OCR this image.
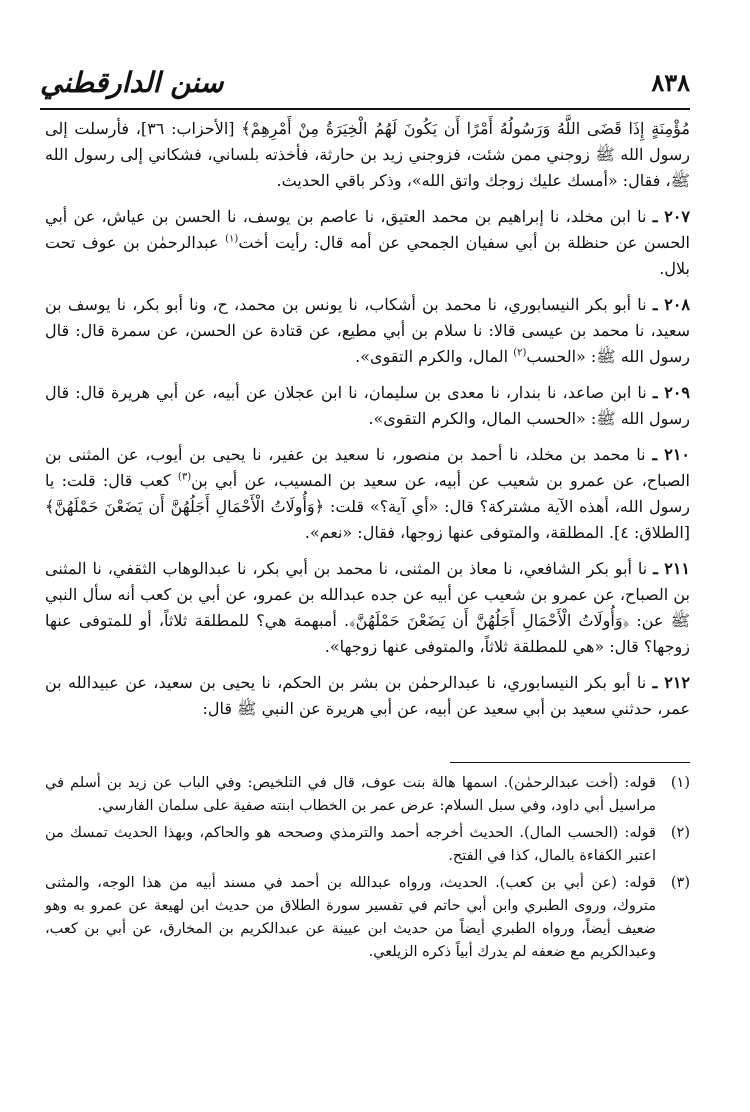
٨٣٨
سنن الدارقطني

مُؤْمِنَةٍ إِذَا قَضَى اللَّهُ وَرَسُولُهُ أَمْرًا أَن يَكُونَ لَهُمُ الْخِيَرَةُ مِنْ أَمْرِهِمْ﴾ [الأحزاب: ٣٦]، فأرسلت إلى رسول الله ﷺ زوجني ممن شئت، فزوجني زيد بن حارثة، فأخذته بلساني، فشكاني إلى رسول الله ﷺ، فقال: «أمسك عليك زوجك واتق الله»، وذكر باقي الحديث.

٢٠٧ ـ نا ابن مخلد، نا إبراهيم بن محمد العتيق، نا عاصم بن يوسف، نا الحسن بن عياش، عن أبي الحسن عن حنظلة بن أبي سفيان الجمحي عن أمه قال: رأيت أخت$^{(١)}$ عبدالرحمٰن بن عوف تحت بلال.

٢٠٨ ـ نا أبو بكر النيسابوري، نا محمد بن أشكاب، نا يونس بن محمد، ح، ونا أبو بكر، نا يوسف بن سعيد، نا محمد بن عيسى قالا: نا سلام بن أبي مطيع، عن قتادة عن الحسن، عن سمرة قال: قال رسول الله ﷺ: «الحسب$^{(٢)}$ المال، والكرم التقوى».

٢٠٩ ـ نا ابن صاعد، نا بندار، نا معدى بن سليمان، نا ابن عجلان عن أبيه، عن أبي هريرة قال: قال رسول الله ﷺ: «الحسب المال، والكرم التقوى».

٢١٠ ـ نا محمد بن مخلد، نا أحمد بن منصور، نا سعيد بن عفير، نا يحيى بن أيوب، عن المثنى بن الصباح، عن عمرو بن شعيب عن أبيه، عن سعيد بن المسيب، عن أبي بن$^{(٣)}$ كعب قال: قلت: يا رسول الله، أهذه الآية مشتركة؟ قال: «أي آية؟» قلت: ﴿وَأُولَاتُ الْأَحْمَالِ أَجَلُهُنَّ أَن يَضَعْنَ حَمْلَهُنَّ﴾ [الطلاق: ٤]. المطلقة، والمتوفى عنها زوجها، فقال: «نعم».

٢١١ ـ نا أبو بكر الشافعي، نا معاذ بن المثنى، نا محمد بن أبي بكر، نا عبدالوهاب الثقفي، نا المثنى بن الصباح، عن عمرو بن شعيب عن أبيه عن جده عبدالله بن عمرو، عن أبي بن كعب أنه سأل النبي ﷺ عن: ﴿وَأُولَاتُ الْأَحْمَالِ أَجَلُهُنَّ أَن يَضَعْنَ حَمْلَهُنَّ﴾. أمبهمة هي؟ للمطلقة ثلاثاً، أو للمتوفى عنها زوجها؟ قال: «هي للمطلقة ثلاثاً، والمتوفى عنها زوجها».

٢١٢ ـ نا أبو بكر النيسابوري، نا عبدالرحمٰن بن بشر بن الحكم، نا يحيى بن سعيد، عن عبيدالله بن عمر، حدثني سعيد بن أبي سعيد عن أبيه، عن أبي هريرة عن النبي ﷺ قال:

(١)
قوله: (أخت عبدالرحمٰن). اسمها هالة بنت عوف، قال في التلخيص: وفي الباب عن زيد بن أسلم في مراسيل أبي داود، وفي سبل السلام: عرض عمر بن الخطاب ابنته صفية على سلمان الفارسي.
(٢)
قوله: (الحسب المال). الحديث أخرجه أحمد والترمذي وصححه هو والحاكم، وبهذا الحديث تمسك من اعتبر الكفاءة بالمال، كذا في الفتح.
(٣)
قوله: (عن أبي بن كعب). الحديث، ورواه عبدالله بن أحمد في مسند أبيه من هذا الوجه، والمثنى متروك، وروى الطبري وابن أبي حاتم في تفسير سورة الطلاق من حديث ابن لهيعة عن عمرو به وهو ضعيف أيضاً، ورواه الطبري أيضاً من حديث ابن عيينة عن عبدالكريم بن المخارق، عن أبي بن كعب، وعبدالكريم مع ضعفه لم يدرك أبياً ذكره الزيلعي.
